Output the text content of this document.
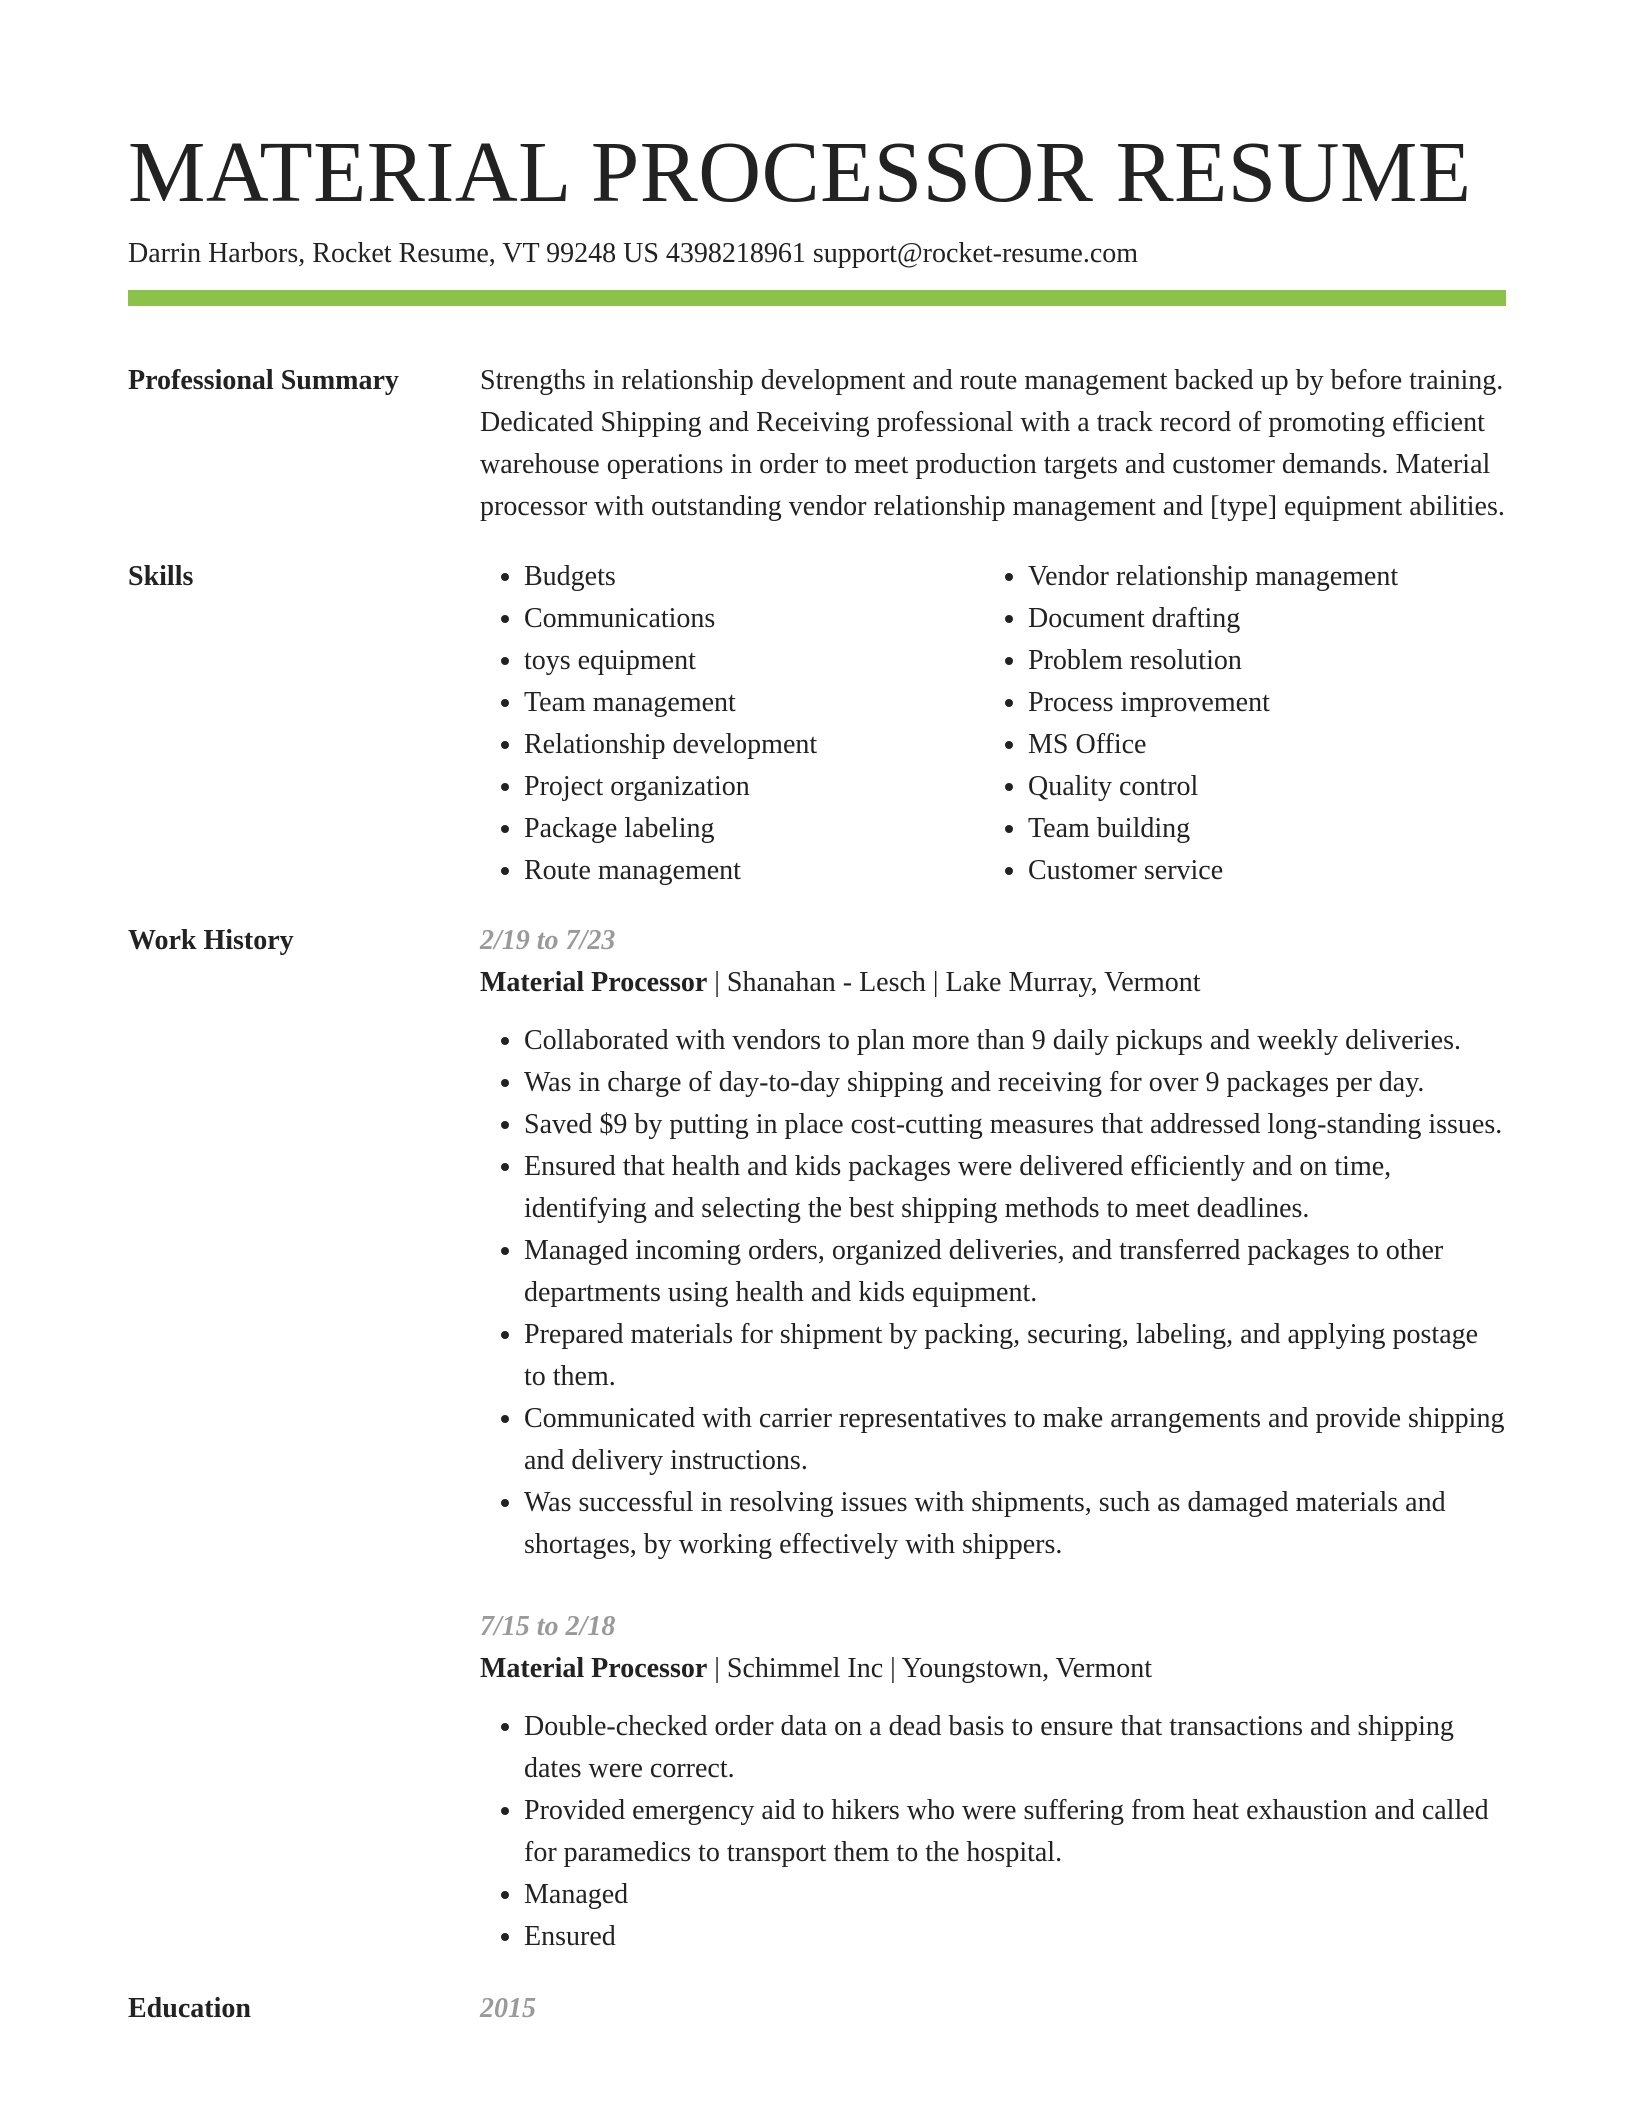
MATERIAL PROCESSOR RESUME
Darrin Harbors, Rocket Resume, VT 99248 US 4398218961 support@rocket-resume.com
Professional Summary	Strengths in relationship development and route management backed up by before training. Dedicated Shipping and Receiving professional with a track record of promoting efficient warehouse operations in order to meet production targets and customer demands. Material processor with outstanding vendor relationship management and [type] equipment abilities.

Skills
•	Budgets
• Communications
• toys equipment
• Team management
• Relationship development
• Project organization
• Package labeling
• Route management
• Vendor relationship management
• Document drafting
• Problem resolution
• Process improvement
• MS Office
• Quality control
• Team building
• Customer service
Work History	2/19 to 7/23
Material Processor | Shanahan - Lesch | Lake Murray, Vermont
• Collaborated with vendors to plan more than 9 daily pickups and weekly deliveries.
• Was in charge of day-to-day shipping and receiving for over 9 packages per day.
• Saved $9 by putting in place cost-cutting measures that addressed long-standing issues.
• Ensured that health and kids packages were delivered efficiently and on time, identifying and selecting the best shipping methods to meet deadlines.
• Managed incoming orders, organized deliveries, and transferred packages to other departments using health and kids equipment.
• Prepared materials for shipment by packing, securing, labeling, and applying postage to them.
• Communicated with carrier representatives to make arrangements and provide shipping and delivery instructions.
• Was successful in resolving issues with shipments, such as damaged materials and shortages, by working effectively with shippers.
7/15 to 2/18
Material Processor | Schimmel Inc | Youngstown, Vermont
• Double-checked order data on a dead basis to ensure that transactions and shipping dates were correct.
• Provided emergency aid to hikers who were suffering from heat exhaustion and called for paramedics to transport them to the hospital.
• Managed
• Ensured
Education	2015
